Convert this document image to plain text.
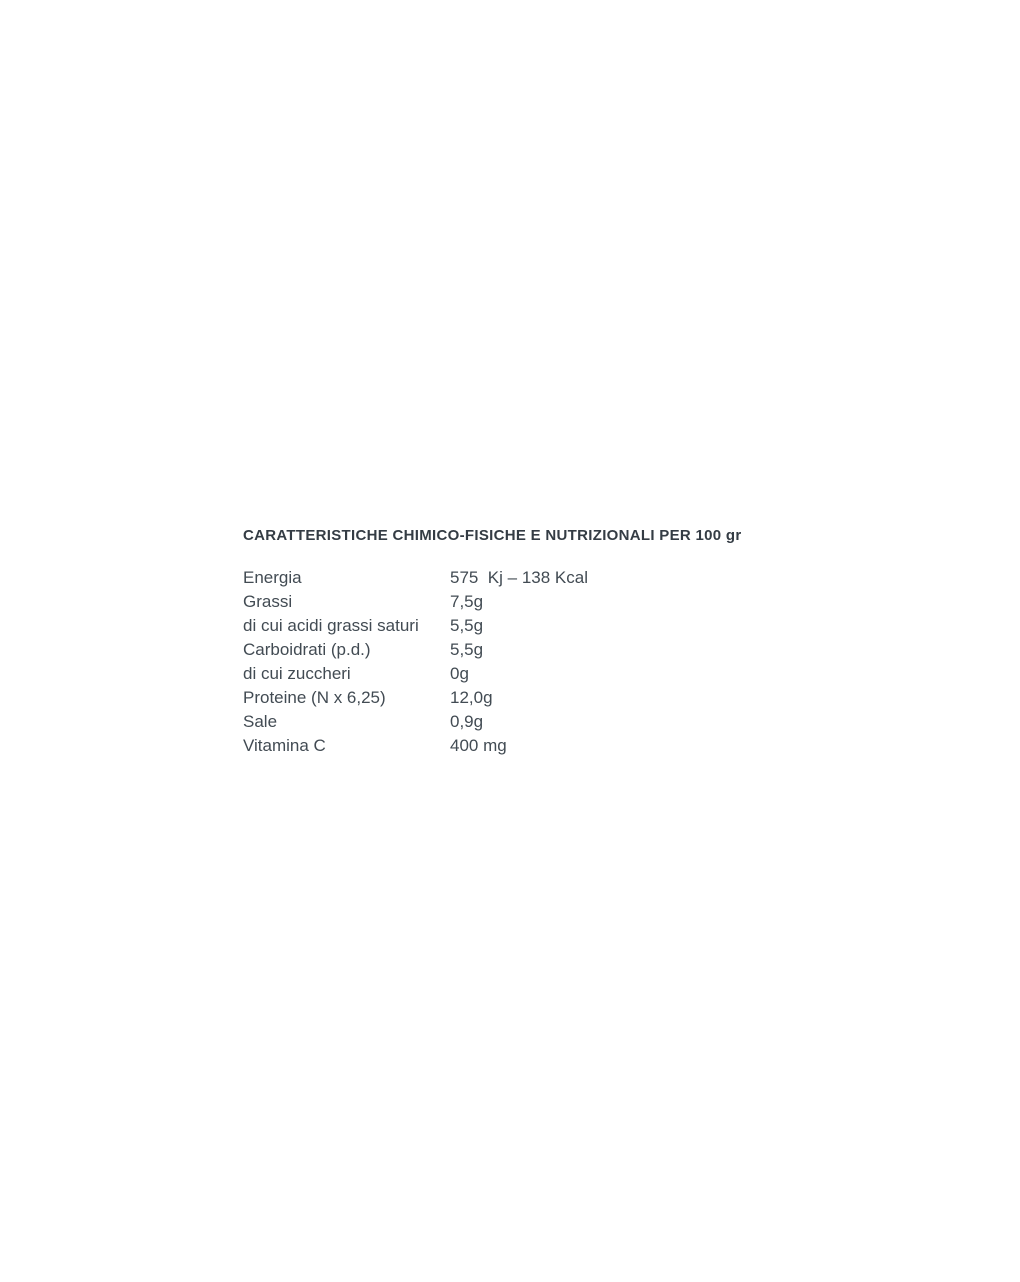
CARATTERISTICHE CHIMICO-FISICHE E NUTRIZIONALI PER 100 gr
Energia	575  Kj – 138 Kcal
Grassi	7,5g
di cui acidi grassi saturi	5,5g
Carboidrati (p.d.)	5,5g
di cui zuccheri	0g
Proteine (N x 6,25)	12,0g
Sale	0,9g
Vitamina C	400 mg
